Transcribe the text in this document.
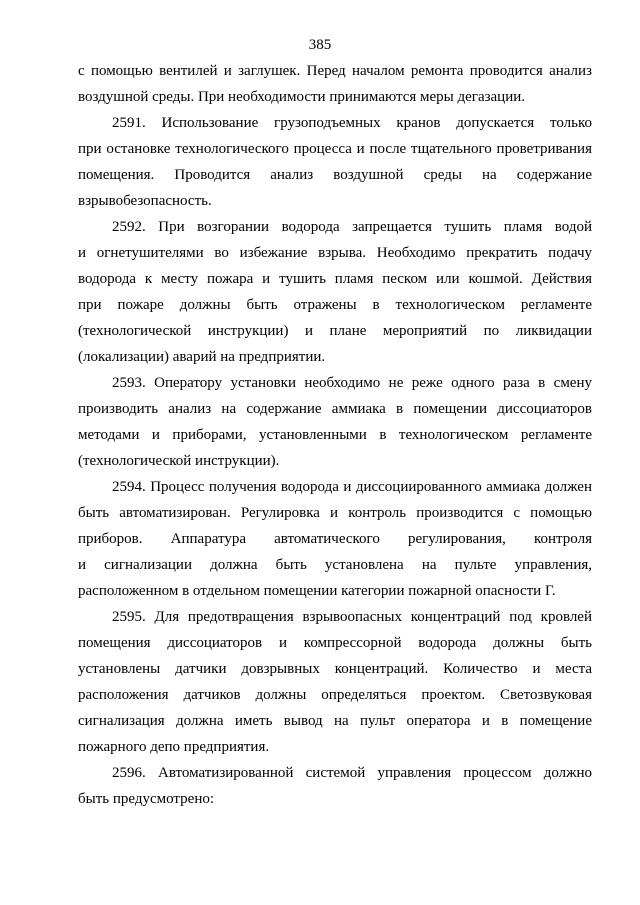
385
с помощью вентилей и заглушек. Перед началом ремонта проводится анализ
воздушной среды. При необходимости принимаются меры дегазации.
2591. Использование грузоподъемных кранов допускается только
при остановке технологического процесса и после тщательного проветривания
помещения. Проводится анализ воздушной среды на содержание
взрывобезопасность.
2592. При возгорании водорода запрещается тушить пламя водой
и огнетушителями во избежание взрыва. Необходимо прекратить подачу
водорода к месту пожара и тушить пламя песком или кошмой. Действия
при пожаре должны быть отражены в технологическом регламенте
(технологической инструкции) и плане мероприятий по ликвидации
(локализации) аварий на предприятии.
2593. Оператору установки необходимо не реже одного раза в смену
производить анализ на содержание аммиака в помещении диссоциаторов
методами и приборами, установленными в технологическом регламенте
(технологической инструкции).
2594. Процесс получения водорода и диссоциированного аммиака должен
быть автоматизирован. Регулировка и контроль производится с помощью
приборов. Аппаратура автоматического регулирования, контроля
и сигнализации должна быть установлена на пульте управления,
расположенном в отдельном помещении категории пожарной опасности Г.
2595. Для предотвращения взрывоопасных концентраций под кровлей
помещения диссоциаторов и компрессорной водорода должны быть
установлены датчики довзрывных концентраций. Количество и места
расположения датчиков должны определяться проектом. Светозвуковая
сигнализация должна иметь вывод на пульт оператора и в помещение
пожарного депо предприятия.
2596. Автоматизированной системой управления процессом должно
быть предусмотрено:
